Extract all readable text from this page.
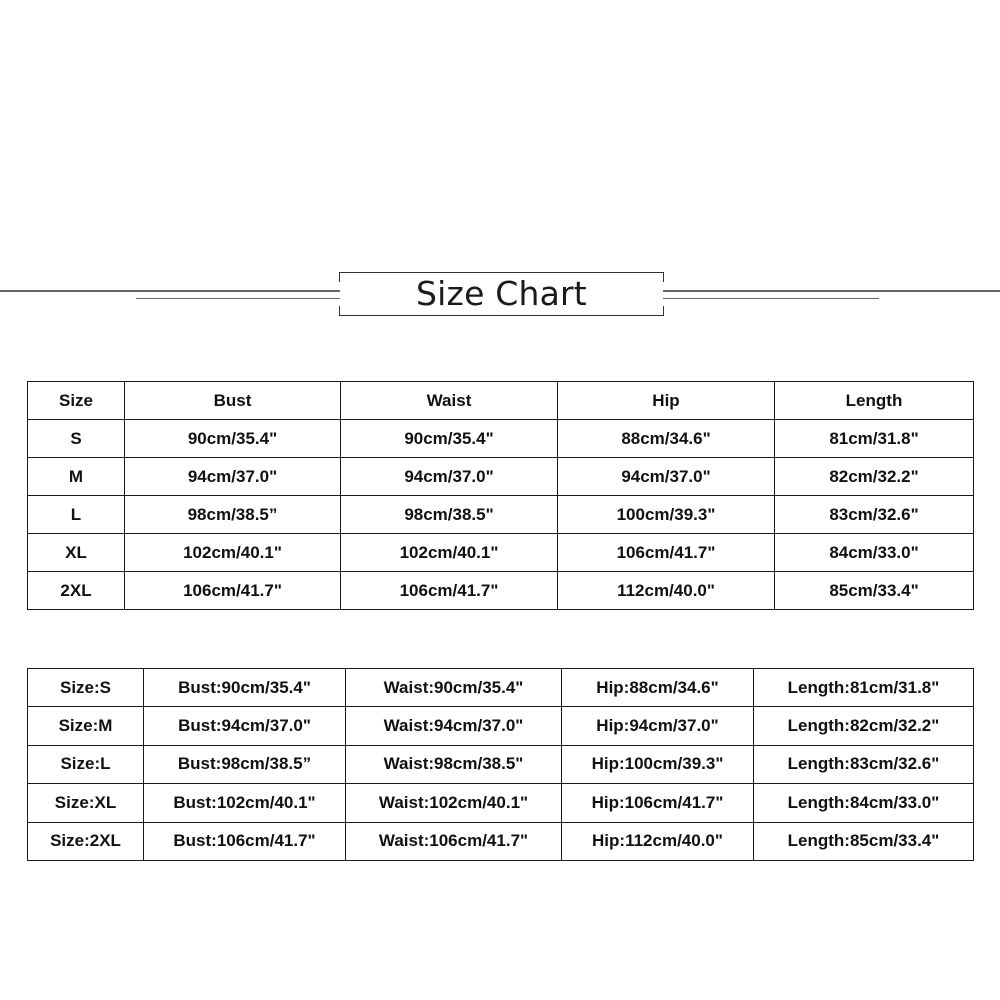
Size Chart
Size	Bust	Waist	Hip	Length
S	90cm/35.4"	90cm/35.4"	88cm/34.6"	81cm/31.8"
M	94cm/37.0"	94cm/37.0"	94cm/37.0"	82cm/32.2"
L	98cm/38.5”	98cm/38.5"	100cm/39.3"	83cm/32.6"
XL	102cm/40.1"	102cm/40.1"	106cm/41.7"	84cm/33.0"
2XL	106cm/41.7"	106cm/41.7"	112cm/40.0"	85cm/33.4"
Size:S	Bust:90cm/35.4"	Waist:90cm/35.4"	Hip:88cm/34.6"	Length:81cm/31.8"
Size:M	Bust:94cm/37.0"	Waist:94cm/37.0"	Hip:94cm/37.0"	Length:82cm/32.2"
Size:L	Bust:98cm/38.5”	Waist:98cm/38.5"	Hip:100cm/39.3"	Length:83cm/32.6"
Size:XL	Bust:102cm/40.1"	Waist:102cm/40.1"	Hip:106cm/41.7"	Length:84cm/33.0"
Size:2XL	Bust:106cm/41.7"	Waist:106cm/41.7"	Hip:112cm/40.0"	Length:85cm/33.4"
